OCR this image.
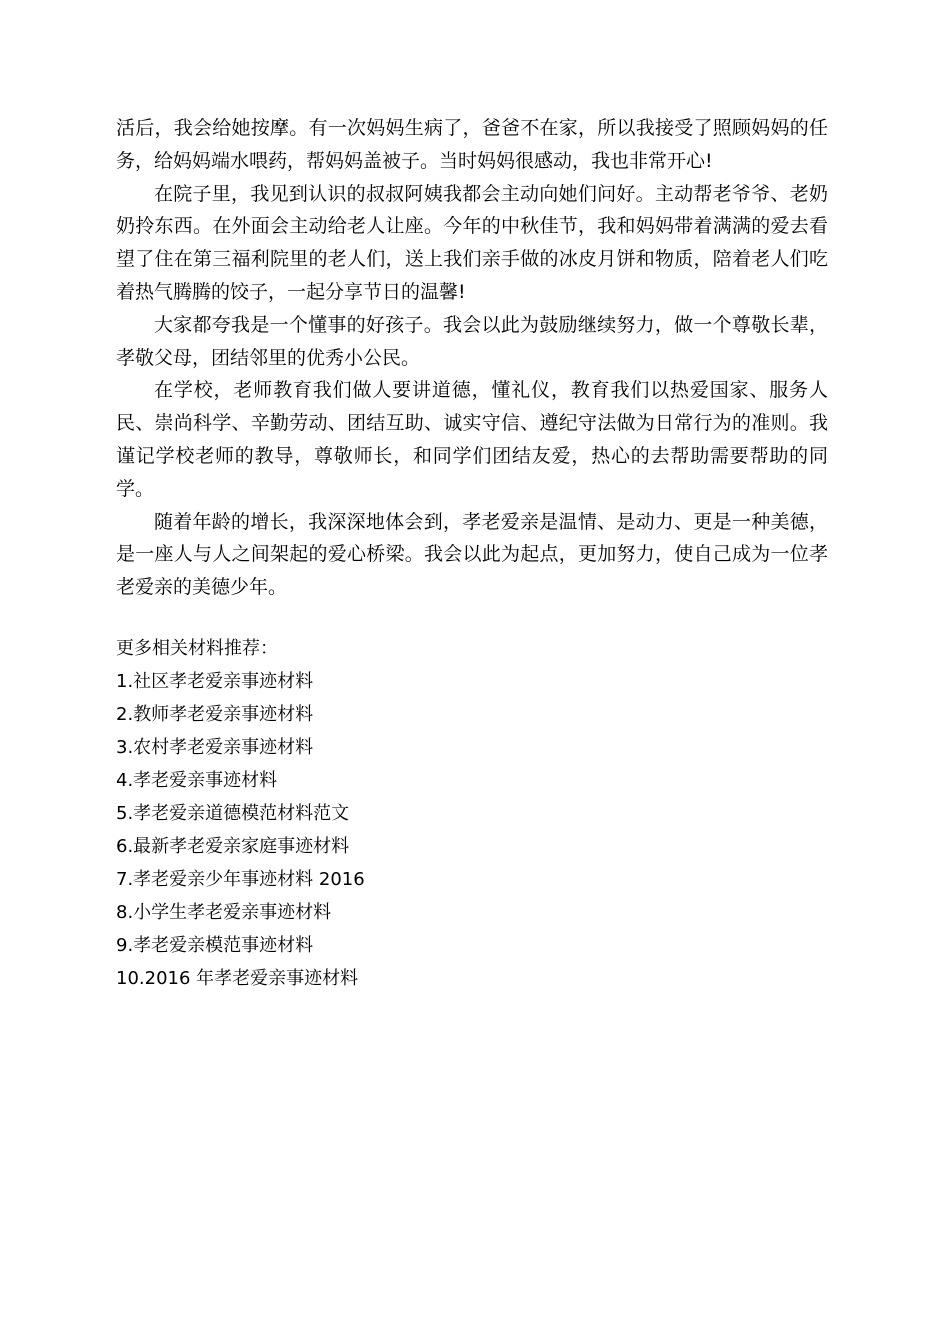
活后，我会给她按摩。有一次妈妈生病了，爸爸不在家，所以我接受了照顾妈妈的任务，给妈妈端水喂药，帮妈妈盖被子。当时妈妈很感动，我也非常开心!

在院子里，我见到认识的叔叔阿姨我都会主动向她们问好。主动帮老爷爷、老奶奶拎东西。在外面会主动给老人让座。今年的中秋佳节，我和妈妈带着满满的爱去看望了住在第三福利院里的老人们，送上我们亲手做的冰皮月饼和物质，陪着老人们吃着热气腾腾的饺子，一起分享节日的温馨!

大家都夸我是一个懂事的好孩子。我会以此为鼓励继续努力，做一个尊敬长辈，孝敬父母，团结邻里的优秀小公民。

在学校，老师教育我们做人要讲道德，懂礼仪，教育我们以热爱国家、服务人民、崇尚科学、辛勤劳动、团结互助、诚实守信、遵纪守法做为日常行为的准则。我谨记学校老师的教导，尊敬师长，和同学们团结友爱，热心的去帮助需要帮助的同学。

随着年龄的增长，我深深地体会到，孝老爱亲是温情、是动力、更是一种美德，是一座人与人之间架起的爱心桥梁。我会以此为起点，更加努力，使自己成为一位孝老爱亲的美德少年。

更多相关材料推荐：
1.社区孝老爱亲事迹材料
2.教师孝老爱亲事迹材料
3.农村孝老爱亲事迹材料
4.孝老爱亲事迹材料
5.孝老爱亲道德模范材料范文
6.最新孝老爱亲家庭事迹材料
7.孝老爱亲少年事迹材料 2016
8.小学生孝老爱亲事迹材料
9.孝老爱亲模范事迹材料
10.2016 年孝老爱亲事迹材料
